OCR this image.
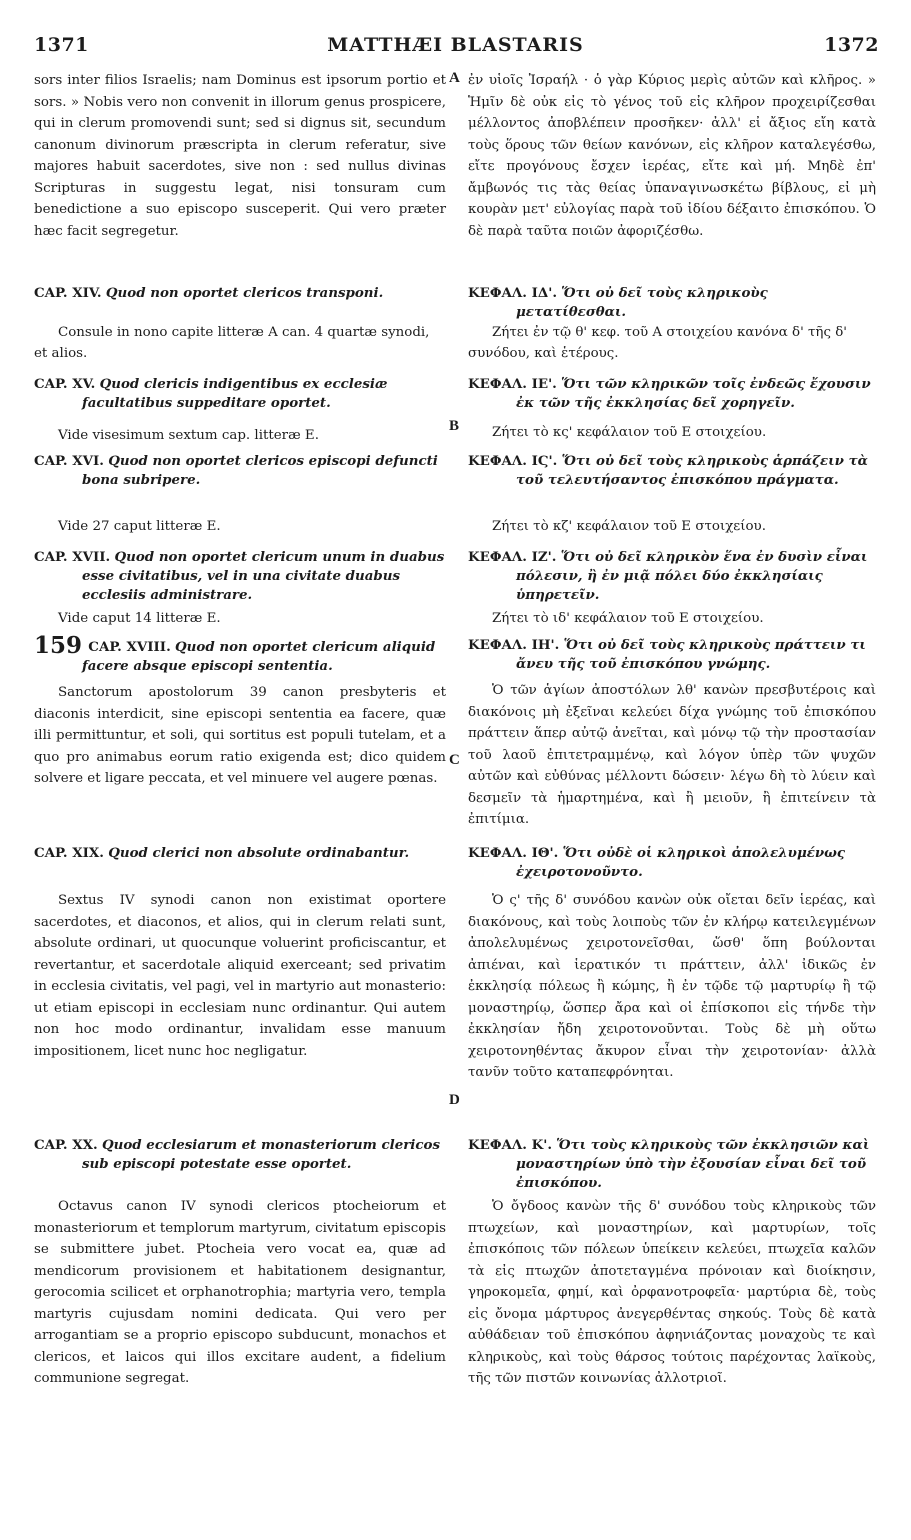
1371	MATTHÆI BLASTARIS	1372
A
B
C
D

sors inter filios Israelis; nam Dominus est ipsorum portio et sors. » Nobis vero non convenit in illorum genus prospicere, qui in clerum promovendi sunt; sed si dignus sit, secundum canonum divinorum præscripta in clerum referatur, sive majores habuit sacerdotes, sive non : sed nullus divinas Scripturas in suggestu legat, nisi tonsuram cum benedictione a suo episcopo susceperit. Qui vero præter hæc facit segregetur.

CAP. XIV. Quod non oportet clericos transponi.

Consule in nono capite litteræ A can. 4 quartæ synodi, et alios.

CAP. XV. Quod clericis indigentibus ex ecclesiæ facultatibus suppeditare oportet.

Vide visesimum sextum cap. litteræ E.

CAP. XVI. Quod non oportet clericos episcopi defuncti bona subripere.

Vide 27 caput litteræ E.

CAP. XVII. Quod non oportet clericum unum in duabus esse civitatibus, vel in una civitate duabus ecclesiis administrare.

Vide caput 14 litteræ E.

159 CAP. XVIII. Quod non oportet clericum aliquid facere absque episcopi sententia.

Sanctorum apostolorum 39 canon presbyteris et diaconis interdicit, sine episcopi sententia ea facere, quæ illi permittuntur, et soli, qui sortitus est populi tutelam, et a quo pro animabus eorum ratio exigenda est; dico quidem solvere et ligare peccata, et vel minuere vel augere pœnas.

CAP. XIX. Quod clerici non absolute ordinabantur.

Sextus IV synodi canon non existimat oportere sacerdotes, et diaconos, et alios, qui in clerum relati sunt, absolute ordinari, ut quocunque voluerint proficiscantur, et revertantur, et sacerdotale aliquid exerceant; sed privatim in ecclesia civitatis, vel pagi, vel in martyrio aut monasterio: ut etiam episcopi in ecclesiam nunc ordinantur. Qui autem non hoc modo ordinantur, invalidam esse manuum impositionem, licet nunc hoc negligatur.

CAP. XX. Quod ecclesiarum et monasteriorum clericos sub episcopi potestate esse oportet.

Octavus canon IV synodi clericos ptocheiorum et monasteriorum et templorum martyrum, civitatum episcopis se submittere jubet. Ptocheia vero vocat ea, quæ ad mendicorum provisionem et habitationem designantur, gerocomia scilicet et orphanotrophia; martyria vero, templa martyris cujusdam nomini dedicata. Qui vero per arrogantiam se a proprio episcopo subducunt, monachos et clericos, et laicos qui illos excitare audent, a fidelium communione segregat.

ἐν υἱοῖς Ἰσραήλ · ὁ γὰρ Κύριος μερὶς αὐτῶν καὶ κλῆρος. » Ἡμῖν δὲ οὐκ εἰς τὸ γένος τοῦ εἰς κλῆρον προχειρίζεσθαι μέλλοντος ἀποβλέπειν προσῆκεν· ἀλλ' εἰ ἄξιος εἴη κατὰ τοὺς ὅρους τῶν θείων κανόνων, εἰς κλῆρον καταλεγέσθω, εἴτε προγόνους ἔσχεν ἱερέας, εἴτε καὶ μή. Μηδὲ ἐπ' ἄμβωνός τις τὰς θείας ὑπαναγινωσκέτω βίβλους, εἰ μὴ κουρὰν μετ' εὐλογίας παρὰ τοῦ ἰδίου δέξαιτο ἐπισκόπου. Ὁ δὲ παρὰ ταῦτα ποιῶν ἀφοριζέσθω.

ΚΕΦΑΛ. ΙΔ'. Ὅτι οὐ δεῖ τοὺς κληρικοὺς μετατίθεσθαι.

Ζήτει ἐν τῷ θ' κεφ. τοῦ Α στοιχείου κανόνα δ' τῆς δ' συνόδου, καὶ ἑτέρους.

ΚΕΦΑΛ. ΙΕ'. Ὅτι τῶν κληρικῶν τοῖς ἐνδεῶς ἔχουσιν ἐκ τῶν τῆς ἐκκλησίας δεῖ χορηγεῖν.

Ζήτει τὸ κς' κεφάλαιον τοῦ Ε στοιχείου.

ΚΕΦΑΛ. ΙϚ'. Ὅτι οὐ δεῖ τοὺς κληρικοὺς ἁρπάζειν τὰ τοῦ τελευτήσαντος ἐπισκόπου πράγματα.

Ζήτει τὸ κζ' κεφάλαιον τοῦ Ε στοιχείου.

ΚΕΦΑΛ. ΙΖ'. Ὅτι οὐ δεῖ κληρικὸν ἕνα ἐν δυσὶν εἶναι πόλεσιν, ἢ ἐν μιᾷ πόλει δύο ἐκκλησίαις ὑπηρετεῖν.

Ζήτει τὸ ιδ' κεφάλαιον τοῦ Ε στοιχείου.

ΚΕΦΑΛ. ΙΗ'. Ὅτι οὐ δεῖ τοὺς κληρικοὺς πράττειν τι ἄνευ τῆς τοῦ ἐπισκόπου γνώμης.

Ὁ τῶν ἁγίων ἀποστόλων λθ' κανὼν πρεσβυτέροις καὶ διακόνοις μὴ ἐξεῖναι κελεύει δίχα γνώμης τοῦ ἐπισκόπου πράττειν ἅπερ αὐτῷ ἀνεῖται, καὶ μόνῳ τῷ τὴν προστασίαν τοῦ λαοῦ ἐπιτετραμμένῳ, καὶ λόγον ὑπὲρ τῶν ψυχῶν αὐτῶν καὶ εὐθύνας μέλλοντι δώσειν· λέγω δὴ τὸ λύειν καὶ δεσμεῖν τὰ ἡμαρτημένα, καὶ ἢ μειοῦν, ἢ ἐπιτείνειν τὰ ἐπιτίμια.

ΚΕΦΑΛ. ΙΘ'. Ὅτι οὐδὲ οἱ κληρικοὶ ἀπολελυμένως ἐχειροτονοῦντο.

Ὁ ς' τῆς δ' συνόδου κανὼν οὐκ οἴεται δεῖν ἱερέας, καὶ διακόνους, καὶ τοὺς λοιποὺς τῶν ἐν κλήρῳ κατειλεγμένων ἀπολελυμένως χειροτονεῖσθαι, ὥσθ' ὅπη βούλονται ἀπιέναι, καὶ ἱερατικόν τι πράττειν, ἀλλ' ἰδικῶς ἐν ἐκκλησίᾳ πόλεως ἢ κώμης, ἢ ἐν τῷδε τῷ μαρτυρίῳ ἢ τῷ μοναστηρίῳ, ὥσπερ ἄρα καὶ οἱ ἐπίσκοποι εἰς τήνδε τὴν ἐκκλησίαν ἤδη χειροτονοῦνται. Τοὺς δὲ μὴ οὕτω χειροτονηθέντας ἄκυρον εἶναι τὴν χειροτονίαν· ἀλλὰ τανῦν τοῦτο καταπεφρόνηται.

ΚΕΦΑΛ. Κ'. Ὅτι τοὺς κληρικοὺς τῶν ἐκκλησιῶν καὶ μοναστηρίων ὑπὸ τὴν ἐξουσίαν εἶναι δεῖ τοῦ ἐπισκόπου.

Ὁ ὄγδοος κανὼν τῆς δ' συνόδου τοὺς κληρικοὺς τῶν πτωχείων, καὶ μοναστηρίων, καὶ μαρτυρίων, τοῖς ἐπισκόποις τῶν πόλεων ὑπείκειν κελεύει, πτωχεῖα καλῶν τὰ εἰς πτωχῶν ἀποτεταγμένα πρόνοιαν καὶ διοίκησιν, γηροκομεῖα, φημί, καὶ ὀρφανοτροφεῖα· μαρτύρια δὲ, τοὺς εἰς ὄνομα μάρτυρος ἀνεγερθέντας σηκούς. Τοὺς δὲ κατὰ αὐθάδειαν τοῦ ἐπισκόπου ἀφηνιάζοντας μοναχοὺς τε καὶ κληρικοὺς, καὶ τοὺς θάρσος τούτοις παρέχοντας λαϊκοὺς, τῆς τῶν πιστῶν κοινωνίας ἀλλοτριοῖ.
